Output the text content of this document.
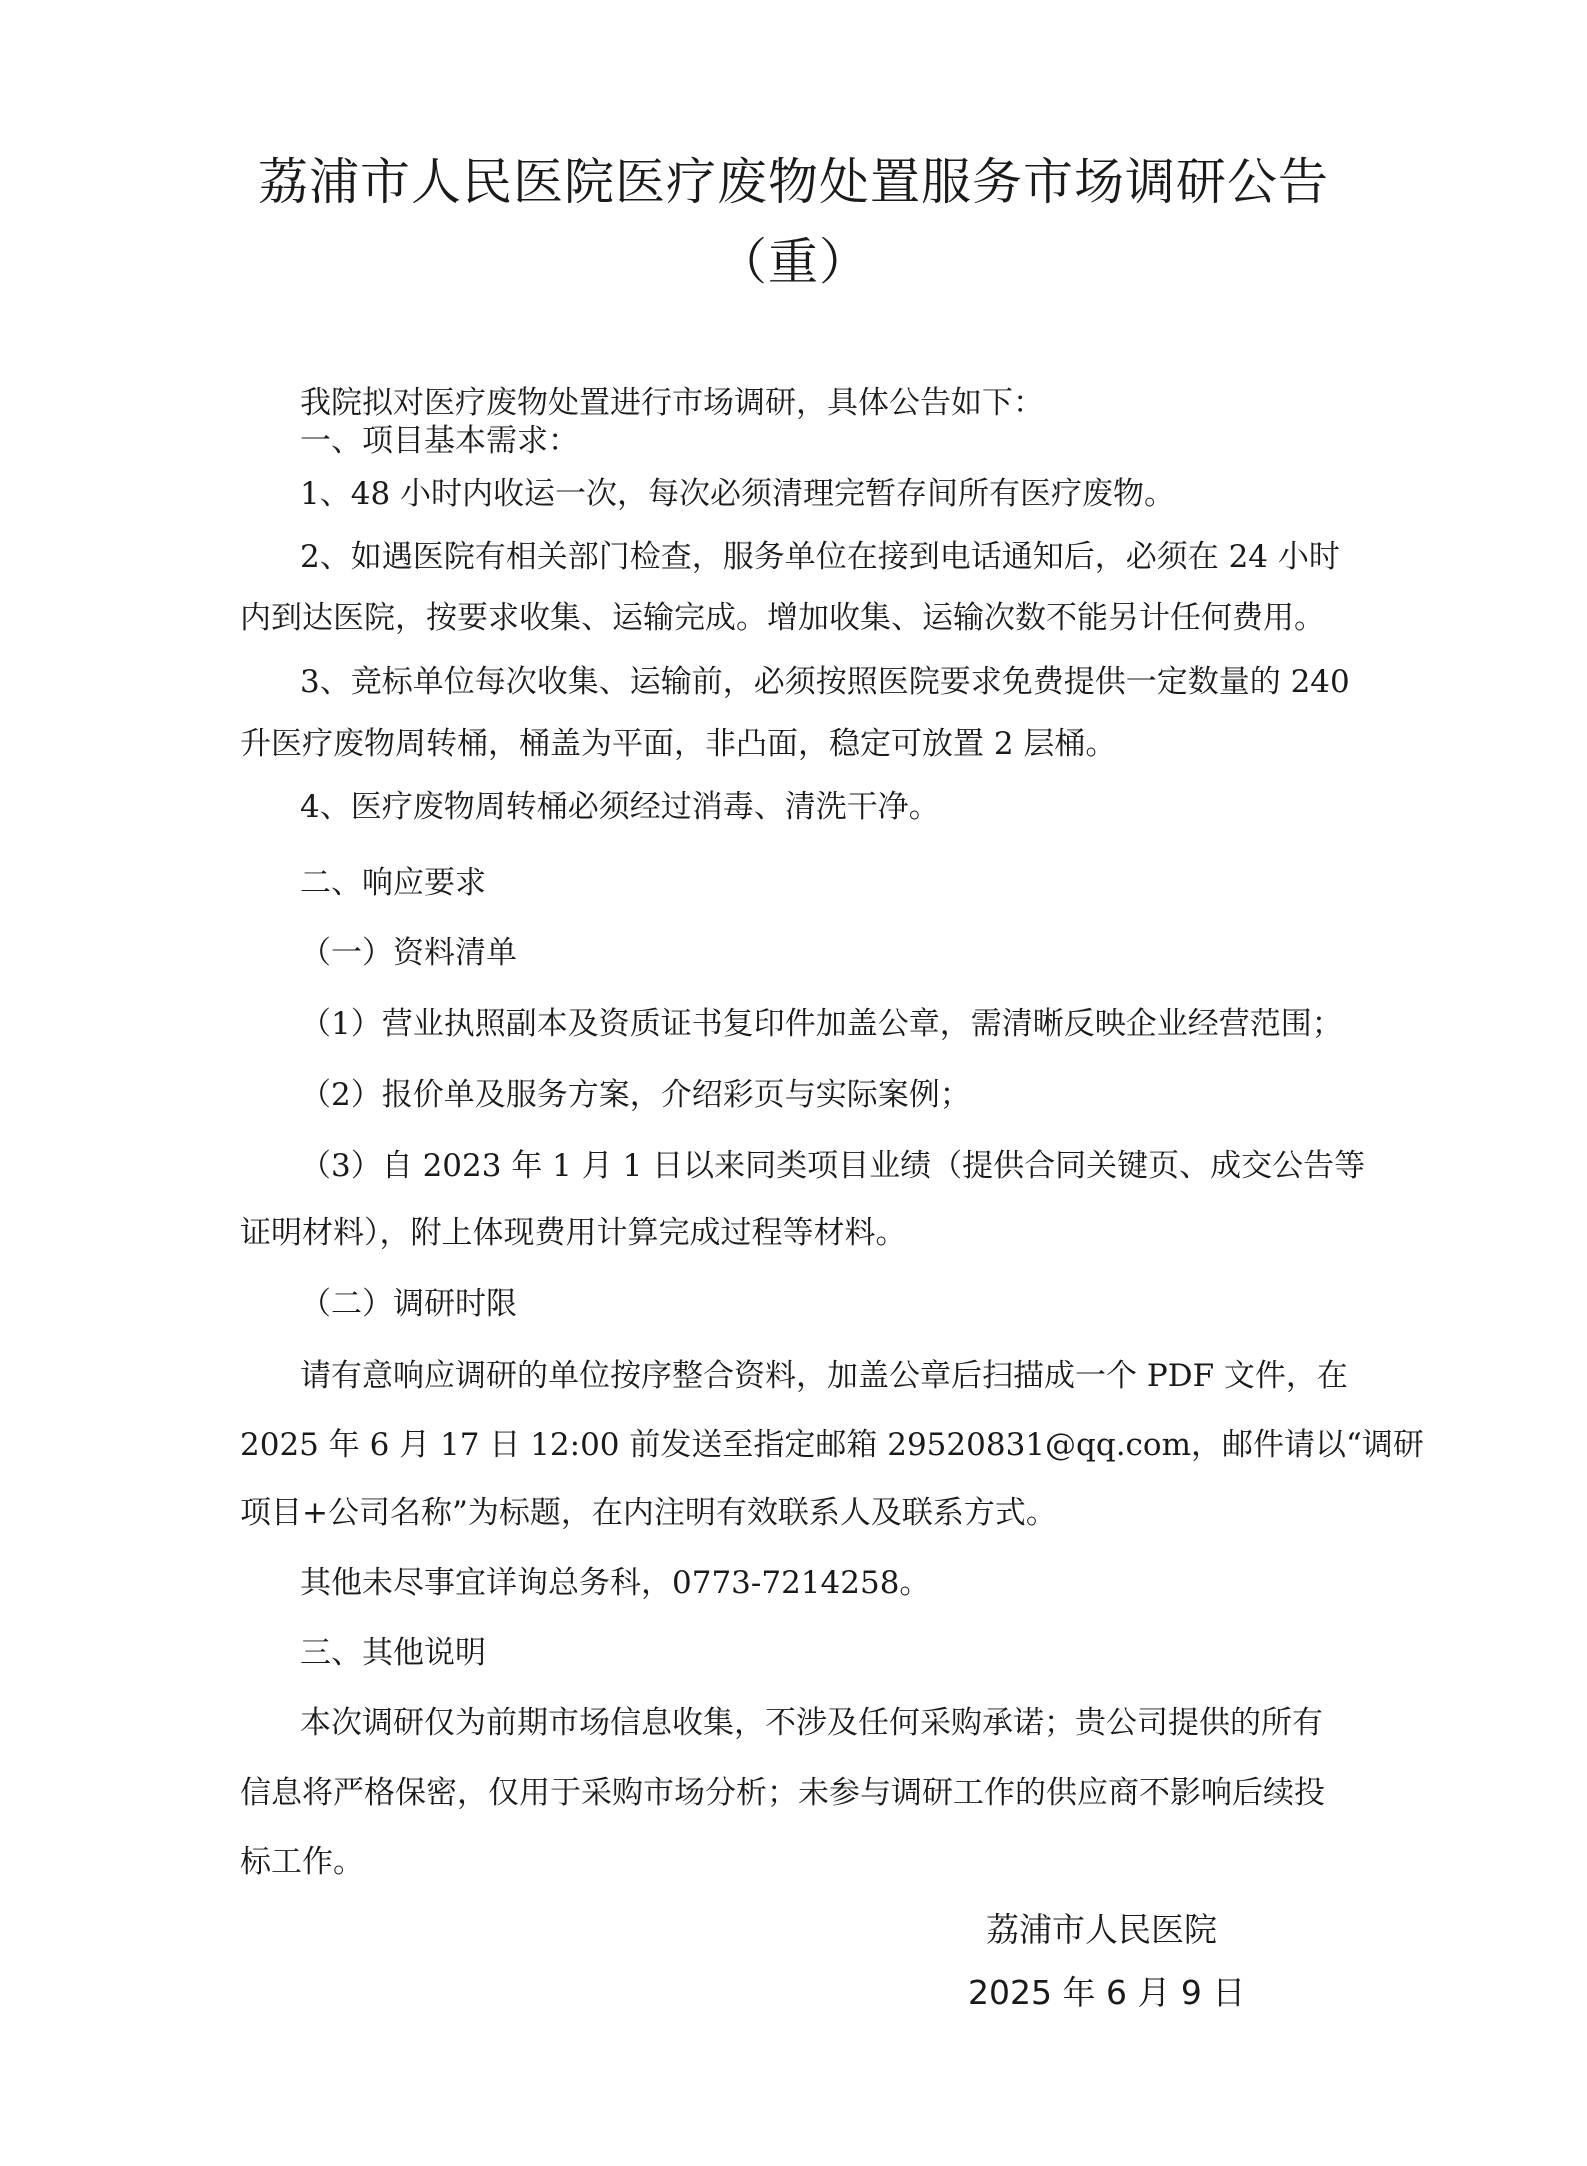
荔浦市人民医院医疗废物处置服务市场调研公告
（重）

我院拟对医疗废物处置进行市场调研，具体公告如下：

一、项目基本需求：

1、48 小时内收运一次，每次必须清理完暂存间所有医疗废物。

2、如遇医院有相关部门检查，服务单位在接到电话通知后，必须在 24 小时

内到达医院，按要求收集、运输完成。增加收集、运输次数不能另计任何费用。

3、竞标单位每次收集、运输前，必须按照医院要求免费提供一定数量的 240

升医疗废物周转桶，桶盖为平面，非凸面，稳定可放置 2 层桶。

4、医疗废物周转桶必须经过消毒、清洗干净。

二、响应要求

（一）资料清单

（1）营业执照副本及资质证书复印件加盖公章，需清晰反映企业经营范围；

（2）报价单及服务方案，介绍彩页与实际案例；

（3）自 2023 年 1 月 1 日以来同类项目业绩（提供合同关键页、成交公告等

证明材料），附上体现费用计算完成过程等材料。

（二）调研时限

请有意响应调研的单位按序整合资料，加盖公章后扫描成一个 PDF 文件，在

2025 年 6 月 17 日 12:00 前发送至指定邮箱 29520831@qq.com，邮件请以“调研

项目+公司名称”为标题，在内注明有效联系人及联系方式。

其他未尽事宜详询总务科，0773-7214258。

三、其他说明

本次调研仅为前期市场信息收集，不涉及任何采购承诺；贵公司提供的所有

信息将严格保密，仅用于采购市场分析；未参与调研工作的供应商不影响后续投

标工作。

荔浦市人民医院
2025 年 6 月 9 日
